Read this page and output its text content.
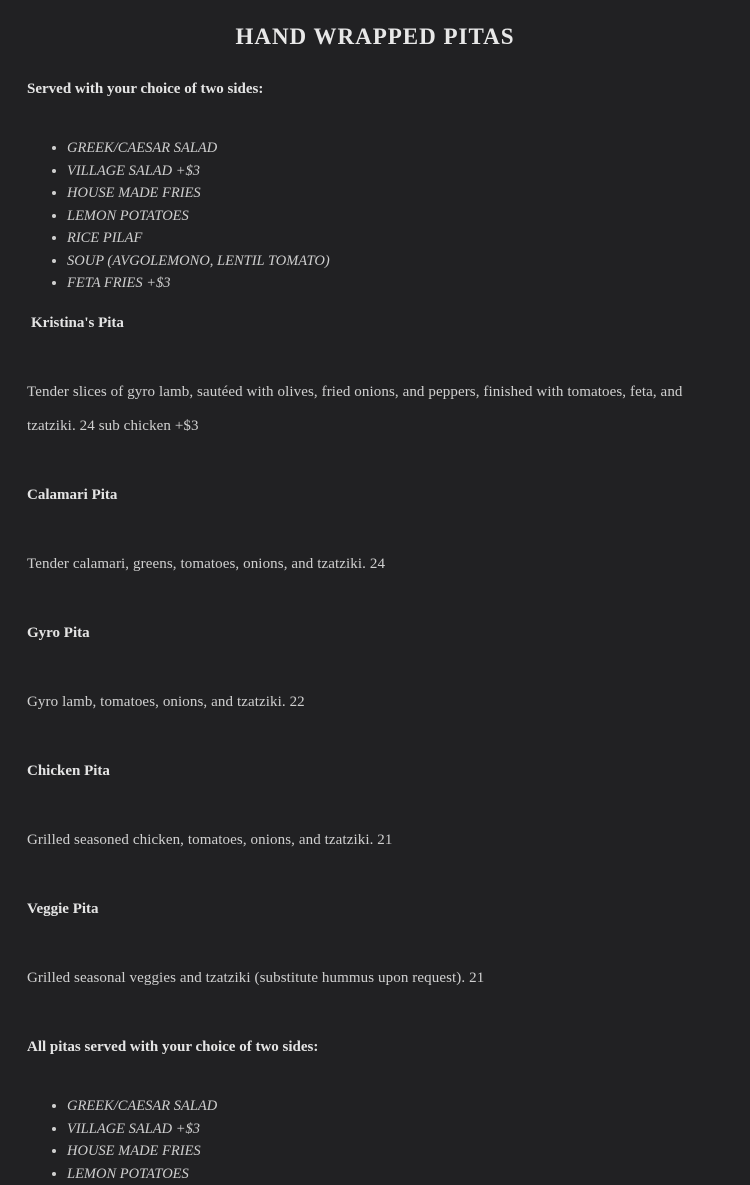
HAND WRAPPED PITAS
Served with your choice of two sides:
• GREEK/CAESAR SALAD
• VILLAGE SALAD +$3
• HOUSE MADE FRIES
• LEMON POTATOES
• RICE PILAF
• SOUP (AVGOLEMONO, LENTIL TOMATO)
• FETA FRIES +$3
Kristina's Pita
Tender slices of gyro lamb, sautéed with olives, fried onions, and peppers, finished with tomatoes, feta, and tzatziki. 24 sub chicken +$3
Calamari Pita
Tender calamari, greens, tomatoes, onions, and tzatziki. 24
Gyro Pita
Gyro lamb, tomatoes, onions, and tzatziki. 22
Chicken Pita
Grilled seasoned chicken, tomatoes, onions, and tzatziki. 21
Veggie Pita
Grilled seasonal veggies and tzatziki (substitute hummus upon request). 21
All pitas served with your choice of two sides:
• GREEK/CAESAR SALAD
• VILLAGE SALAD +$3
• HOUSE MADE FRIES
• LEMON POTATOES
